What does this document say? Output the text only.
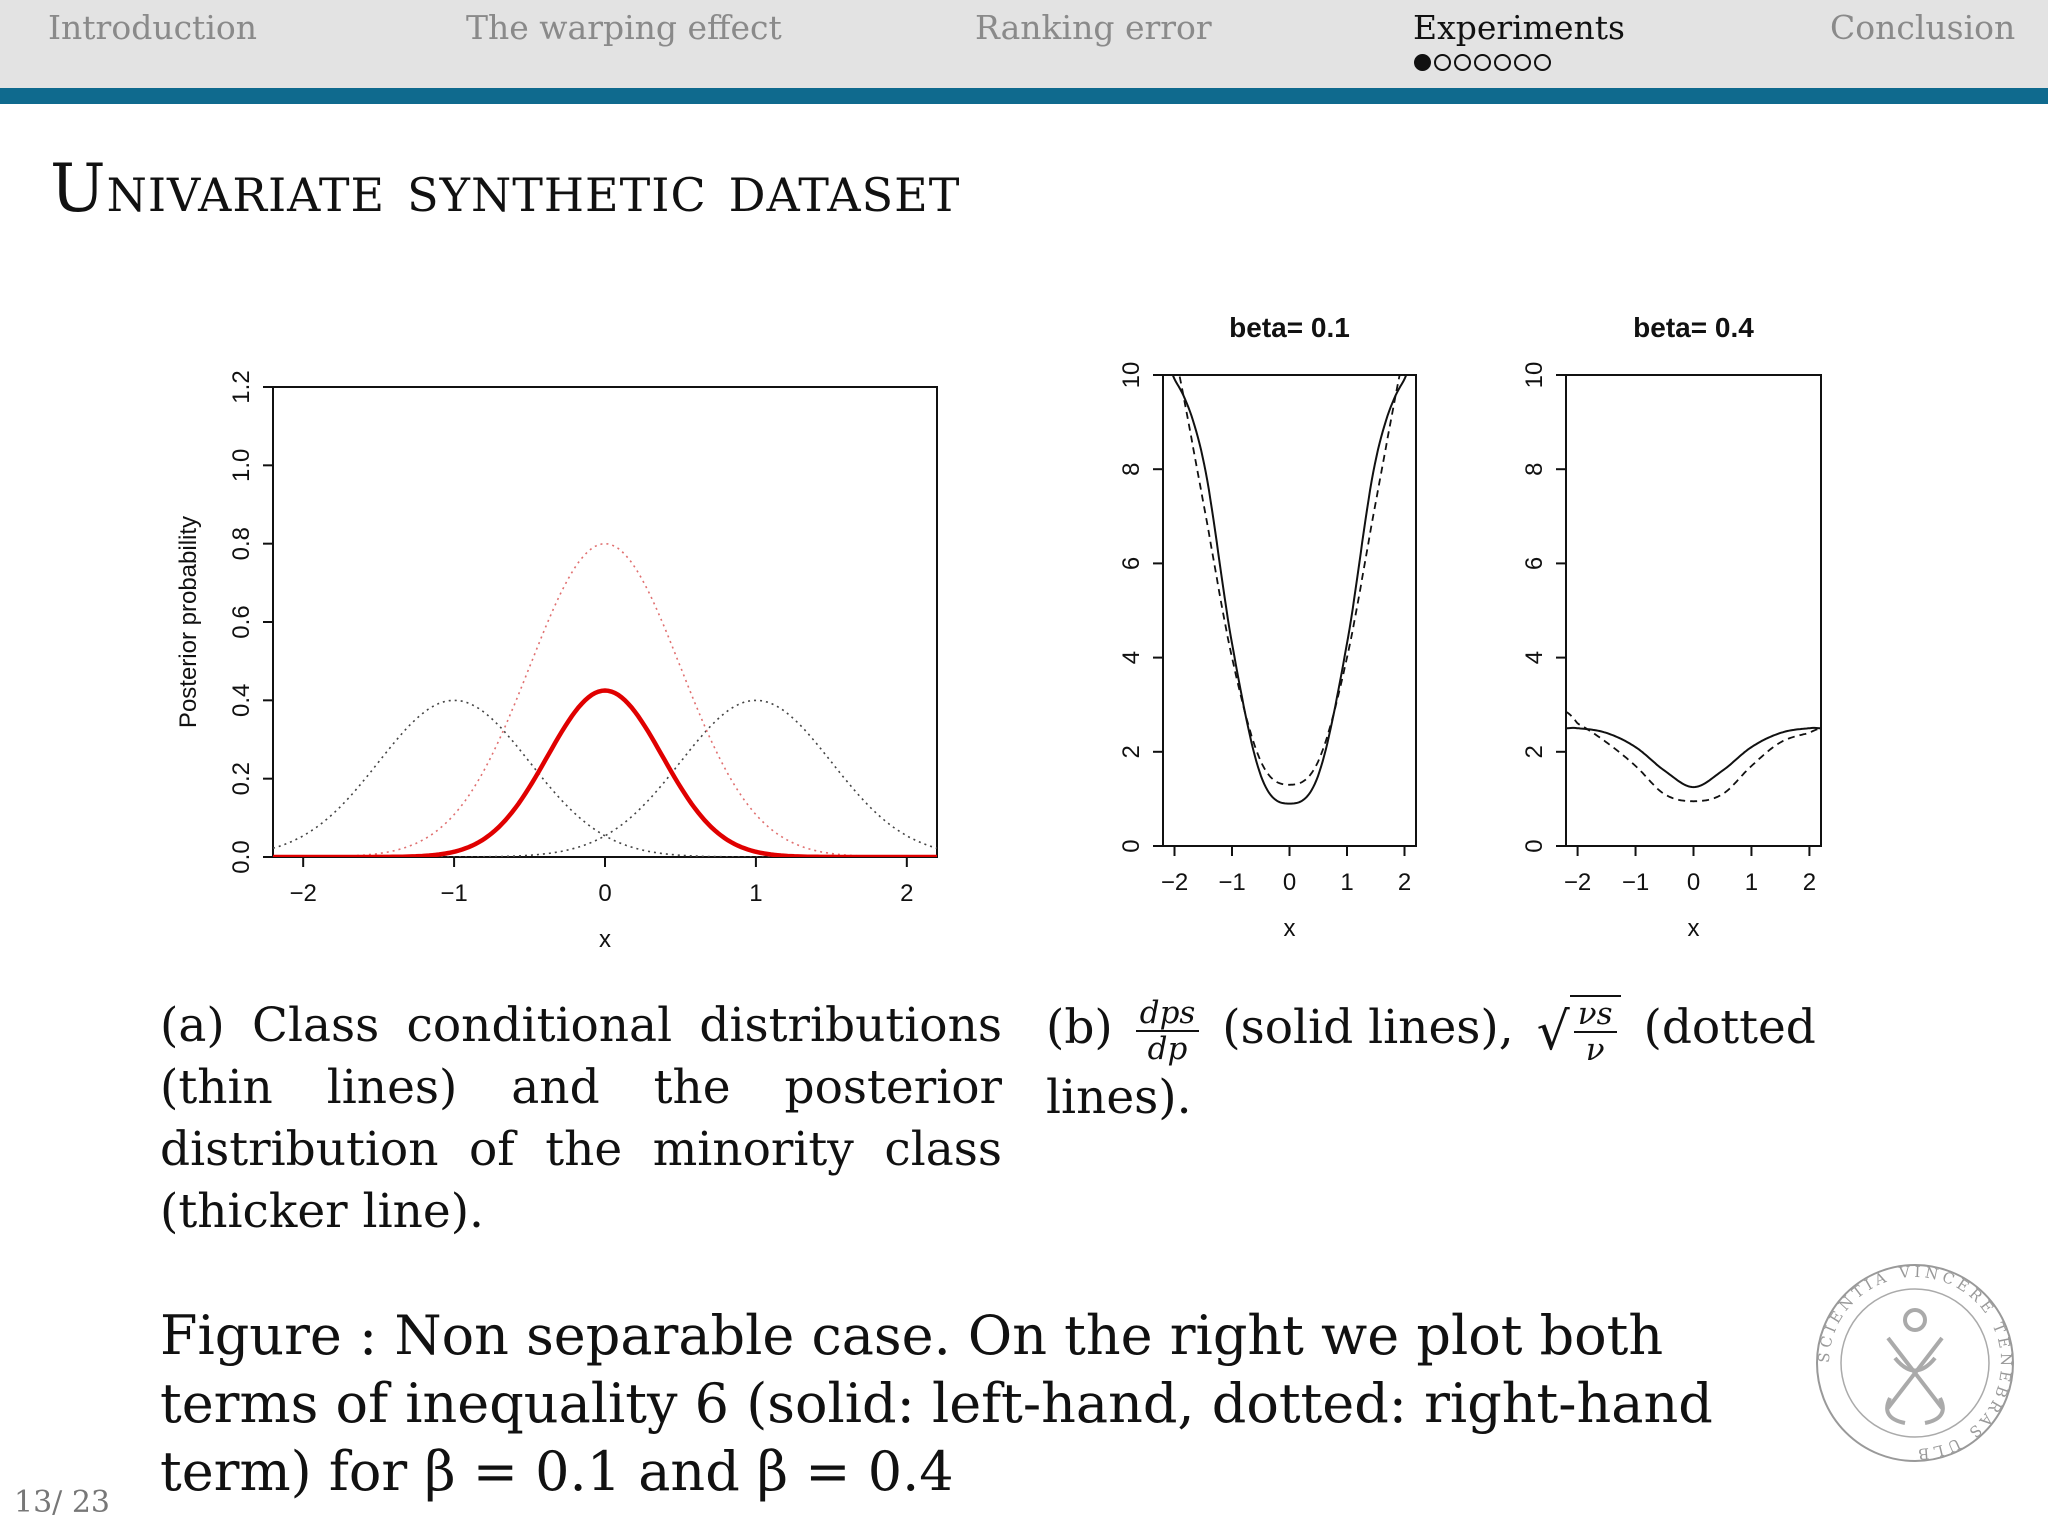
Introduction	The warping effect	Ranking error	Experiments	Conclusion
Univariate synthetic dataset
−2	−1	0	1	2
0.0
0.2
0.4
0.6
0.8
1.0
1.2
x
Posterior probability
−2 −1 0 1 2
0
2
4
6
8
10
x
beta= 0.1
−2 −1 0 1 2
0
2
4
6
8
10
x
beta= 0.4
(a) Class conditional distributions (thin lines) and the posterior distribution of the minority class (thicker line).
$(b) \frac{\text{dps}}{dp}$ (solid lines), √ $\frac{\nu s}{\nu}$ (dotted lines).
Figure : Non separable case. On the right we plot both terms of inequality 6 (solid: left-hand, dotted: right-hand term) for β = 0.1 and β = 0.4
13/ 23
SCIENTIA VINCERE TENEBRAS ULB
